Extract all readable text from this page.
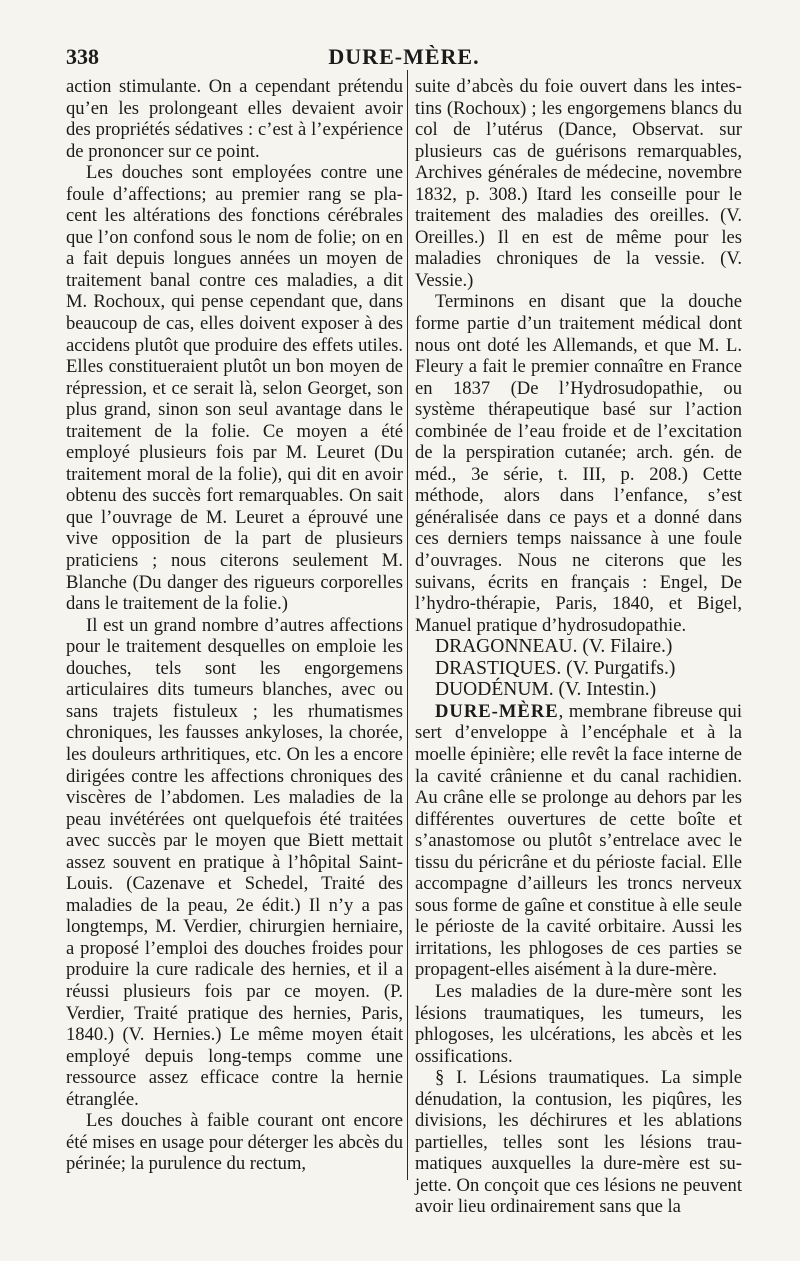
338	DURE-MÈRE.

action stimulante. On a cependant prétendu qu’en les prolongeant elles devaient avoir des propriétés sédatives : c’est à l’expérience de prononcer sur ce point.

Les douches sont employées contre une foule d’affections; au premier rang se placent les altérations des fonctions cérébrales que l’on confond sous le nom de folie; on en a fait depuis longues années un moyen de traitement banal contre ces maladies, a dit M. Rochoux, qui pense cependant que, dans beaucoup de cas, elles doivent exposer à des accidens plutôt que produire des effets utiles. Elles constitueraient plutôt un bon moyen de répression, et ce serait là, selon Georget, son plus grand, sinon son seul avantage dans le traitement de la folie. Ce moyen a été employé plusieurs fois par M. Leuret (Du traitement moral de la folie), qui dit en avoir obtenu des succès fort remarquables. On sait que l’ouvrage de M. Leuret a éprouvé une vive opposition de la part de plusieurs praticiens ; nous citerons seulement M. Blanche (Du danger des rigueurs corporelles dans le traitement de la folie.)

Il est un grand nombre d’autres affections pour le traitement desquelles on emploie les douches, tels sont les engorgemens articulaires dits tumeurs blanches, avec ou sans trajets fistuleux ; les rhumatismes chroniques, les fausses ankyloses, la chorée, les douleurs arthritiques, etc. On les a encore dirigées contre les affections chroniques des viscères de l’abdomen. Les maladies de la peau invétérées ont quelquefois été traitées avec succès par le moyen que Biett mettait assez souvent en pratique à l’hôpital Saint-Louis. (Cazenave et Schedel, Traité des maladies de la peau, 2e édit.) Il n’y a pas longtemps, M. Verdier, chirurgien herniaire, a proposé l’emploi des douches froides pour produire la cure radicale des hernies, et il a réussi plusieurs fois par ce moyen. (P. Verdier, Traité pratique des hernies, Paris, 1840.) (V. Hernies.) Le même moyen était employé depuis long-temps comme une ressource assez efficace contre la hernie étranglée.

Les douches à faible courant ont encore été mises en usage pour déterger les abcès du périnée; la purulence du rectum,

suite d’abcès du foie ouvert dans les intestins (Rochoux) ; les engorgemens blancs du col de l’utérus (Dance, Observat. sur plusieurs cas de guérisons remarquables, Archives générales de médecine, novembre 1832, p. 308.) Itard les conseille pour le traitement des maladies des oreilles. (V. Oreilles.) Il en est de même pour les maladies chroniques de la vessie. (V. Vessie.)

Terminons en disant que la douche forme partie d’un traitement médical dont nous ont doté les Allemands, et que M. L. Fleury a fait le premier connaître en France en 1837 (De l’Hydrosudopathie, ou système thérapeutique basé sur l’action combinée de l’eau froide et de l’excitation de la perspiration cutanée; arch. gén. de méd., 3e série, t. III, p. 208.) Cette méthode, alors dans l’enfance, s’est généralisée dans ce pays et a donné dans ces derniers temps naissance à une foule d’ouvrages. Nous ne citerons que les suivans, écrits en français : Engel, De l’hydro-thérapie, Paris, 1840, et Bigel, Manuel pratique d’hydrosudopathie.

DRAGONNEAU. (V. Filaire.)

DRASTIQUES. (V. Purgatifs.)

DUODÉNUM. (V. Intestin.)

DURE-MÈRE, membrane fibreuse qui sert d’enveloppe à l’encéphale et à la moelle épinière; elle revêt la face interne de la cavité crânienne et du canal rachidien. Au crâne elle se prolonge au dehors par les différentes ouvertures de cette boîte et s’anastomose ou plutôt s’entrelace avec le tissu du péricrâne et du périoste facial. Elle accompagne d’ailleurs les troncs nerveux sous forme de gaîne et constitue à elle seule le périoste de la cavité orbitaire. Aussi les irritations, les phlogoses de ces parties se propagent-elles aisément à la dure-mère.

Les maladies de la dure-mère sont les lésions traumatiques, les tumeurs, les phlogoses, les ulcérations, les abcès et les ossifications.

§ I. Lésions traumatiques. La simple dénudation, la contusion, les piqûres, les divisions, les déchirures et les ablations partielles, telles sont les lésions traumatiques auxquelles la dure-mère est sujette. On conçoit que ces lésions ne peuvent avoir lieu ordinairement sans que la
